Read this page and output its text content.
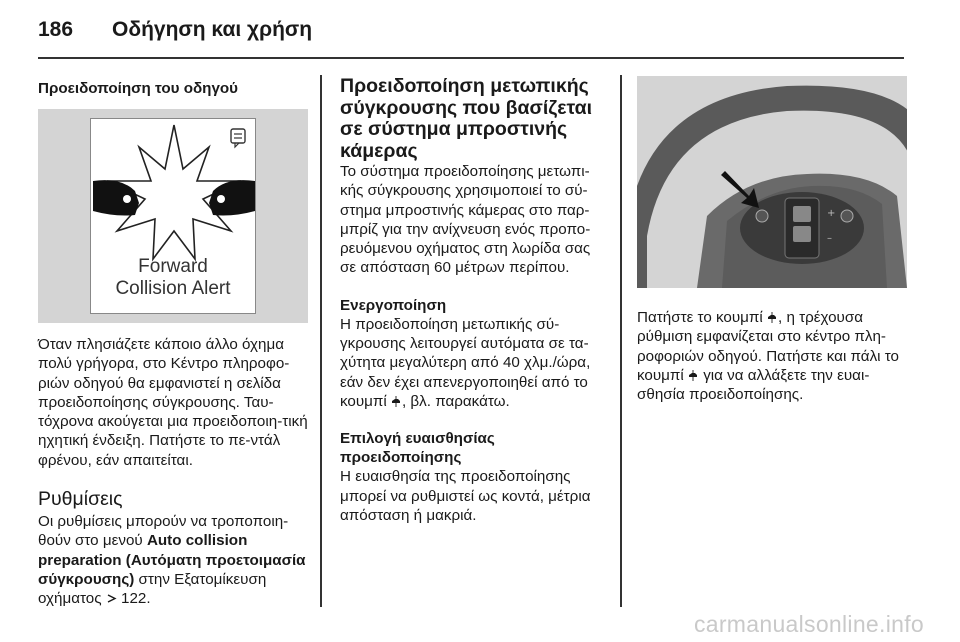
186	Οδήγηση και χρήση
Προειδοποίηση του οδηγού
Forward
Collision Alert
Όταν πλησιάζετε κάποιο άλλο όχημα πολύ γρήγορα, στο Κέντρο πληροφο-ριών οδηγού θα εμφανιστεί η σελίδα προειδοποίησης σύγκρουσης. Ταυ-τόχρονα ακούγεται μια προειδοποιη-τική ηχητική ένδειξη. Πατήστε το πε-ντάλ φρένου, εάν απαιτείται.
Ρυθμίσεις
Οι ρυθμίσεις μπορούν να τροποποιη-θούν στο μενού Auto collision preparation (Αυτόματη προετοιμασία σύγκρουσης) στην Εξατομίκευση οχήματος  122.
Προειδοποίηση μετωπικής σύγκρουσης που βασίζεται σε σύστημα μπροστινής κάμερας
Το σύστημα προειδοποίησης μετωπι-κής σύγκρουσης χρησιμοποιεί το σύ-στημα μπροστινής κάμερας στο παρ-μπρίζ για την ανίχνευση ενός προπο-ρευόμενου οχήματος στη λωρίδα σας σε απόσταση 60 μέτρων περίπου.
Ενεργοποίηση
Η προειδοποίηση μετωπικής σύ-γκρουσης λειτουργεί αυτόματα σε τα-χύτητα μεγαλύτερη από 40 χλμ./ώρα, εάν δεν έχει απενεργοποιηθεί από το κουμπί , βλ. παρακάτω.
Επιλογή ευαισθησίας προειδοποίησης
Η ευαισθησία της προειδοποίησης μπορεί να ρυθμιστεί ως κοντά, μέτρια απόσταση ή μακριά.
+
–
Πατήστε το κουμπί , η τρέχουσα ρύθμιση εμφανίζεται στο κέντρο πλη-ροφοριών οδηγού. Πατήστε και πάλι το κουμπί  για να αλλάξετε την ευαι-σθησία προειδοποίησης.
carmanualsonline.info
